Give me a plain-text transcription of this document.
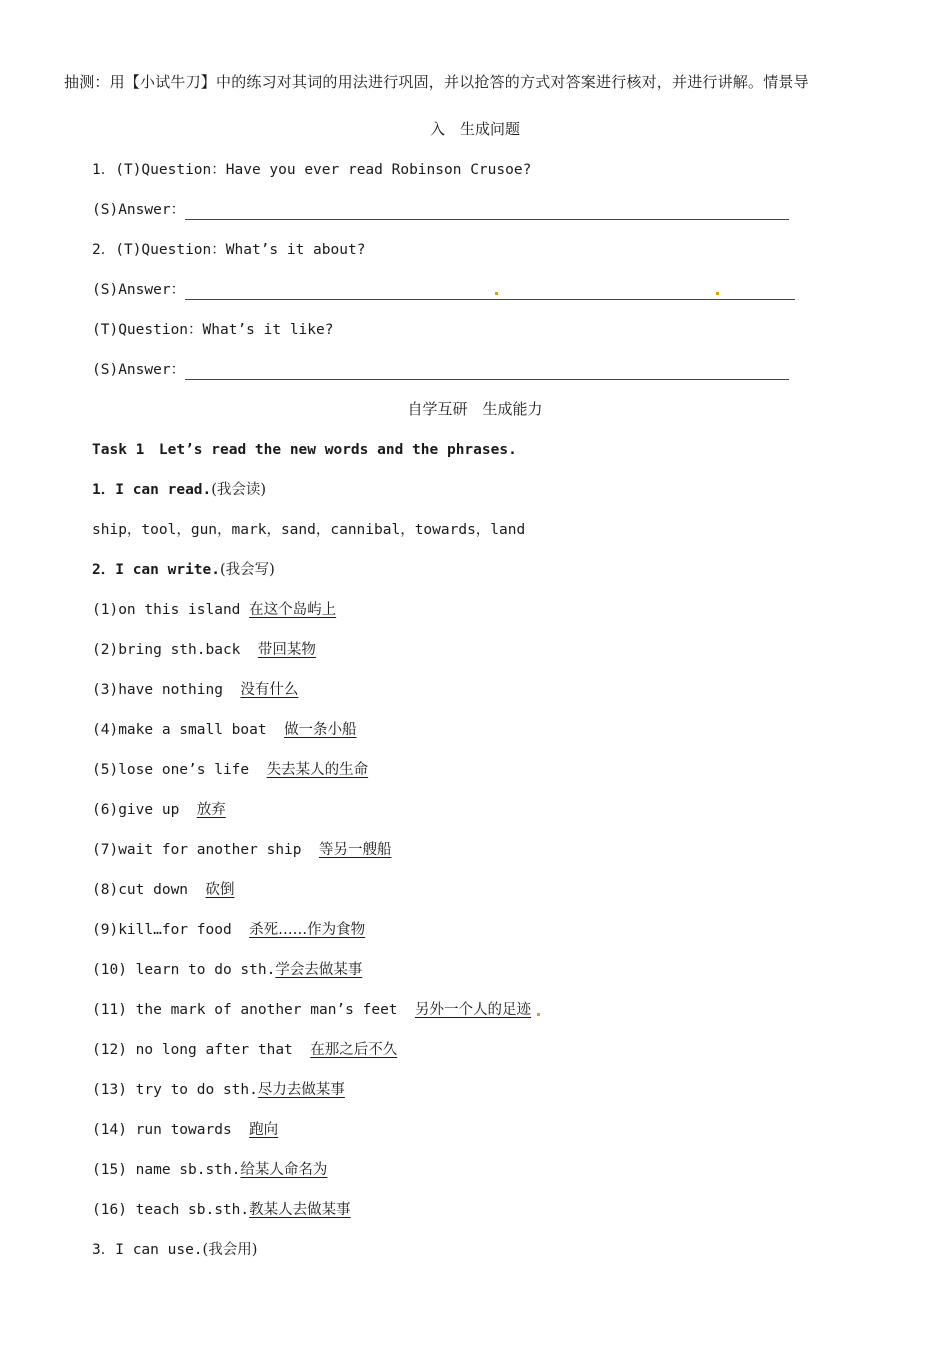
抽测：用【小试牛刀】中的练习对其词的用法进行巩固，并以抢答的方式对答案进行核对，并进行讲解。情景导
入　生成问题
1．(T)Question：Have you ever read Robinson Crusoe?
(S)Answer：
2．(T)Question：What’s it about?
(S)Answer：
(T)Question：What’s it like?
(S)Answer：
自学互研　生成能力
Task 1　Let’s read the new words and the phrases.
1．I can read.(我会读)
ship，tool，gun，mark，sand，cannibal，towards，land
2．I can write.(我会写)
(1)on this island 在这个岛屿上
(2)bring sth.back  带回某物
(3)have nothing  没有什么
(4)make a small boat  做一条小船
(5)lose one’s life  失去某人的生命
(6)give up  放弃
(7)wait for another ship  等另一艘船
(8)cut down  砍倒
(9)kill…for food  杀死……作为食物
(10) learn to do sth.学会去做某事
(11) the mark of another man’s feet  另外一个人的足迹
(12) no long after that  在那之后不久
(13) try to do sth.尽力去做某事
(14) run towards  跑向
(15) name sb.sth.给某人命名为
(16) teach sb.sth.教某人去做某事
3．I can use.(我会用)
